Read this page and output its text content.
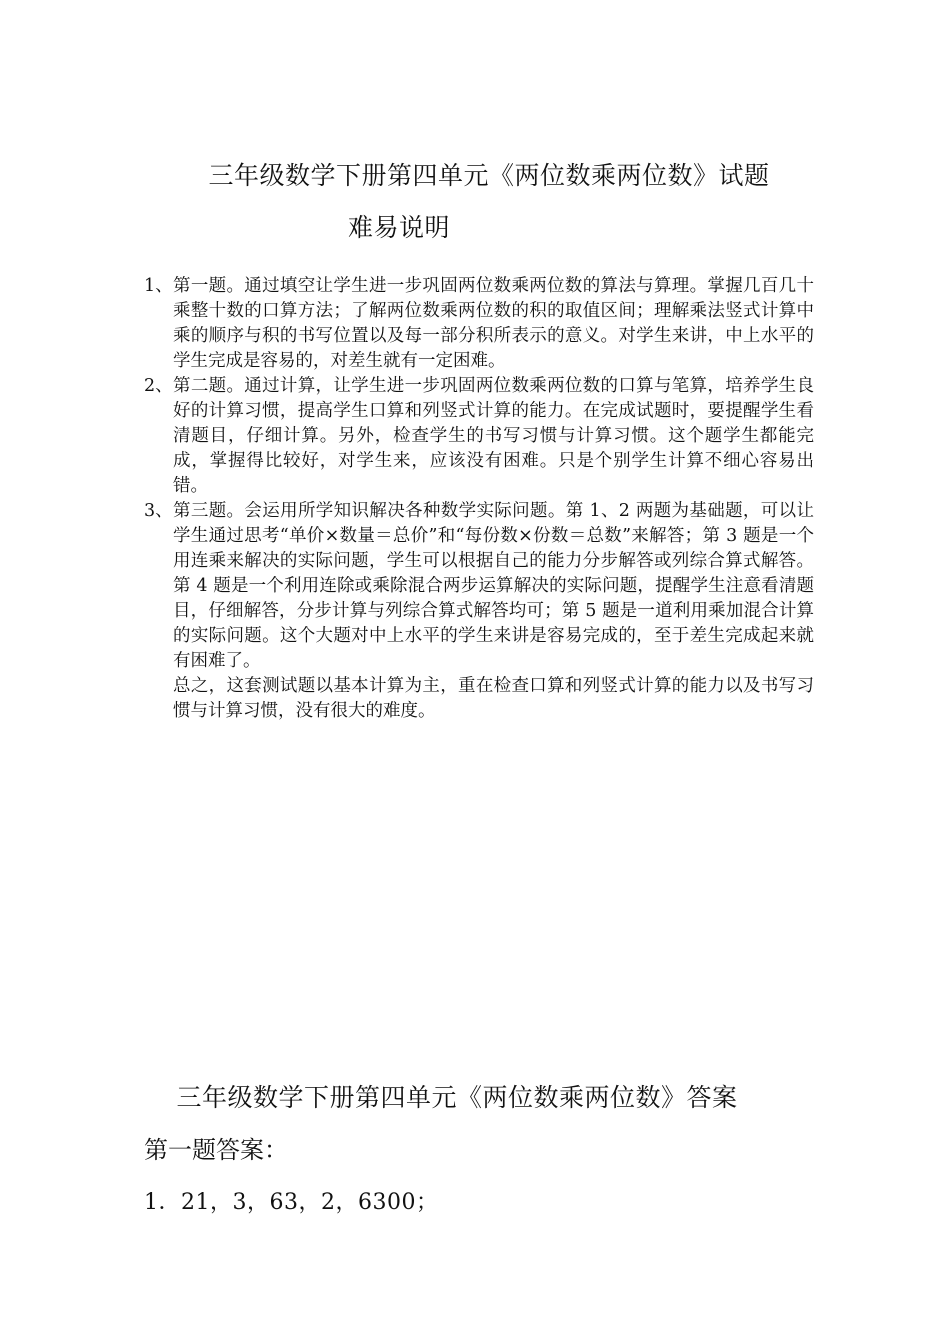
三年级数学下册第四单元《两位数乘两位数》试题
难易说明
1、 第一题。通过填空让学生进一步巩固两位数乘两位数的算法与算理。掌握几百几十乘整十数的口算方法；了解两位数乘两位数的积的取值区间；理解乘法竖式计算中乘的顺序与积的书写位置以及每一部分积所表示的意义。对学生来讲，中上水平的学生完成是容易的，对差生就有一定困难。

2、 第二题。通过计算，让学生进一步巩固两位数乘两位数的口算与笔算，培养学生良好的计算习惯，提高学生口算和列竖式计算的能力。在完成试题时，要提醒学生看清题目，仔细计算。另外，检查学生的书写习惯与计算习惯。这个题学生都能完成，掌握得比较好，对学生来，应该没有困难。只是个别学生计算不细心容易出错。

3、 第三题。会运用所学知识解决各种数学实际问题。第 1、2 两题为基础题，可以让学生通过思考“单价×数量＝总价”和“每份数×份数＝总数”来解答；第 3 题是一个用连乘来解决的实际问题，学生可以根据自己的能力分步解答或列综合算式解答。第 4 题是一个利用连除或乘除混合两步运算解决的实际问题，提醒学生注意看清题目，仔细解答，分步计算与列综合算式解答均可；第 5 题是一道利用乘加混合计算的实际问题。这个大题对中上水平的学生来讲是容易完成的，至于差生完成起来就有困难了。

总之，这套测试题以基本计算为主，重在检查口算和列竖式计算的能力以及书写习惯与计算习惯，没有很大的难度。

三年级数学下册第四单元《两位数乘两位数》答案
第一题答案：
1．21，3，63，2，6300；
